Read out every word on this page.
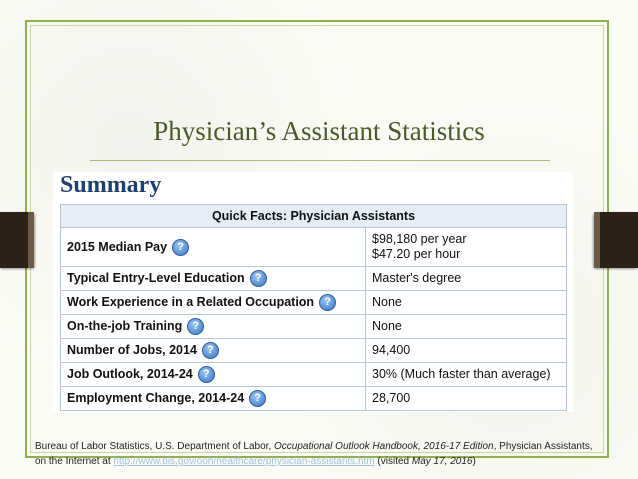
Physician’s Assistant Statistics
Summary
Quick Facts: Physician Assistants	
2015 Median Pay ?	$98,180 per year
$47.20 per hour

Typical Entry-Level Education ?	Master's degree

Work Experience in a Related Occupation ?	None

On-the-job Training ?	None

Number of Jobs, 2014 ?	94,400

Job Outlook, 2014-24 ?	30% (Much faster than average)

Employment Change, 2014-24 ?	28,700
Bureau of Labor Statistics, U.S. Department of Labor, Occupational Outlook Handbook, 2016-17 Edition, Physician Assistants, on the Internet at http://www.bls.gov/ooh/healthcare/physician-assistants.htm (visited May 17, 2016)
